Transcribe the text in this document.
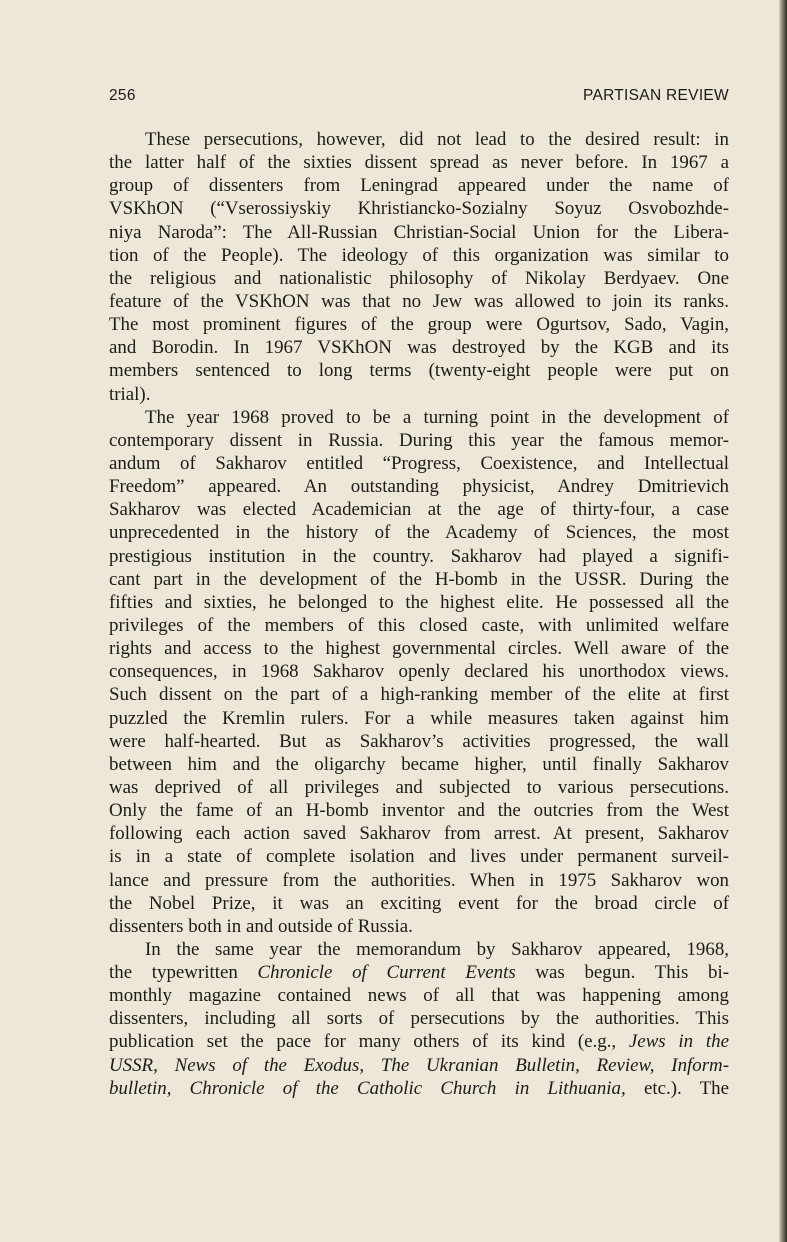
256	PARTISAN REVIEW
These persecutions, however, did not lead to the desired result: in
the latter half of the sixties dissent spread as never before. In 1967 a
group of dissenters from Leningrad appeared under the name of
VSKhON (“Vserossiyskiy Khristiancko-Sozialny Soyuz Osvobozhde-
niya Naroda”: The All-Russian Christian-Social Union for the Libera-
tion of the People). The ideology of this organization was similar to
the religious and nationalistic philosophy of Nikolay Berdyaev. One
feature of the VSKhON was that no Jew was allowed to join its ranks.
The most prominent figures of the group were Ogurtsov, Sado, Vagin,
and Borodin. In 1967 VSKhON was destroyed by the KGB and its
members sentenced to long terms (twenty-eight people were put on
trial).
The year 1968 proved to be a turning point in the development of
contemporary dissent in Russia. During this year the famous memor-
andum of Sakharov entitled “Progress, Coexistence, and Intellectual
Freedom” appeared. An outstanding physicist, Andrey Dmitrievich
Sakharov was elected Academician at the age of thirty-four, a case
unprecedented in the history of the Academy of Sciences, the most
prestigious institution in the country. Sakharov had played a signifi-
cant part in the development of the H-bomb in the USSR. During the
fifties and sixties, he belonged to the highest elite. He possessed all the
privileges of the members of this closed caste, with unlimited welfare
rights and access to the highest governmental circles. Well aware of the
consequences, in 1968 Sakharov openly declared his unorthodox views.
Such dissent on the part of a high-ranking member of the elite at first
puzzled the Kremlin rulers. For a while measures taken against him
were half-hearted. But as Sakharov’s activities progressed, the wall
between him and the oligarchy became higher, until finally Sakharov
was deprived of all privileges and subjected to various persecutions.
Only the fame of an H-bomb inventor and the outcries from the West
following each action saved Sakharov from arrest. At present, Sakharov
is in a state of complete isolation and lives under permanent surveil-
lance and pressure from the authorities. When in 1975 Sakharov won
the Nobel Prize, it was an exciting event for the broad circle of
dissenters both in and outside of Russia.
In the same year the memorandum by Sakharov appeared, 1968,
the typewritten Chronicle of Current Events was begun. This bi-
monthly magazine contained news of all that was happening among
dissenters, including all sorts of persecutions by the authorities. This
publication set the pace for many others of its kind (e.g., Jews in the
USSR, News of the Exodus, The Ukranian Bulletin, Review, Inform-
bulletin, Chronicle of the Catholic Church in Lithuania, etc.). The
